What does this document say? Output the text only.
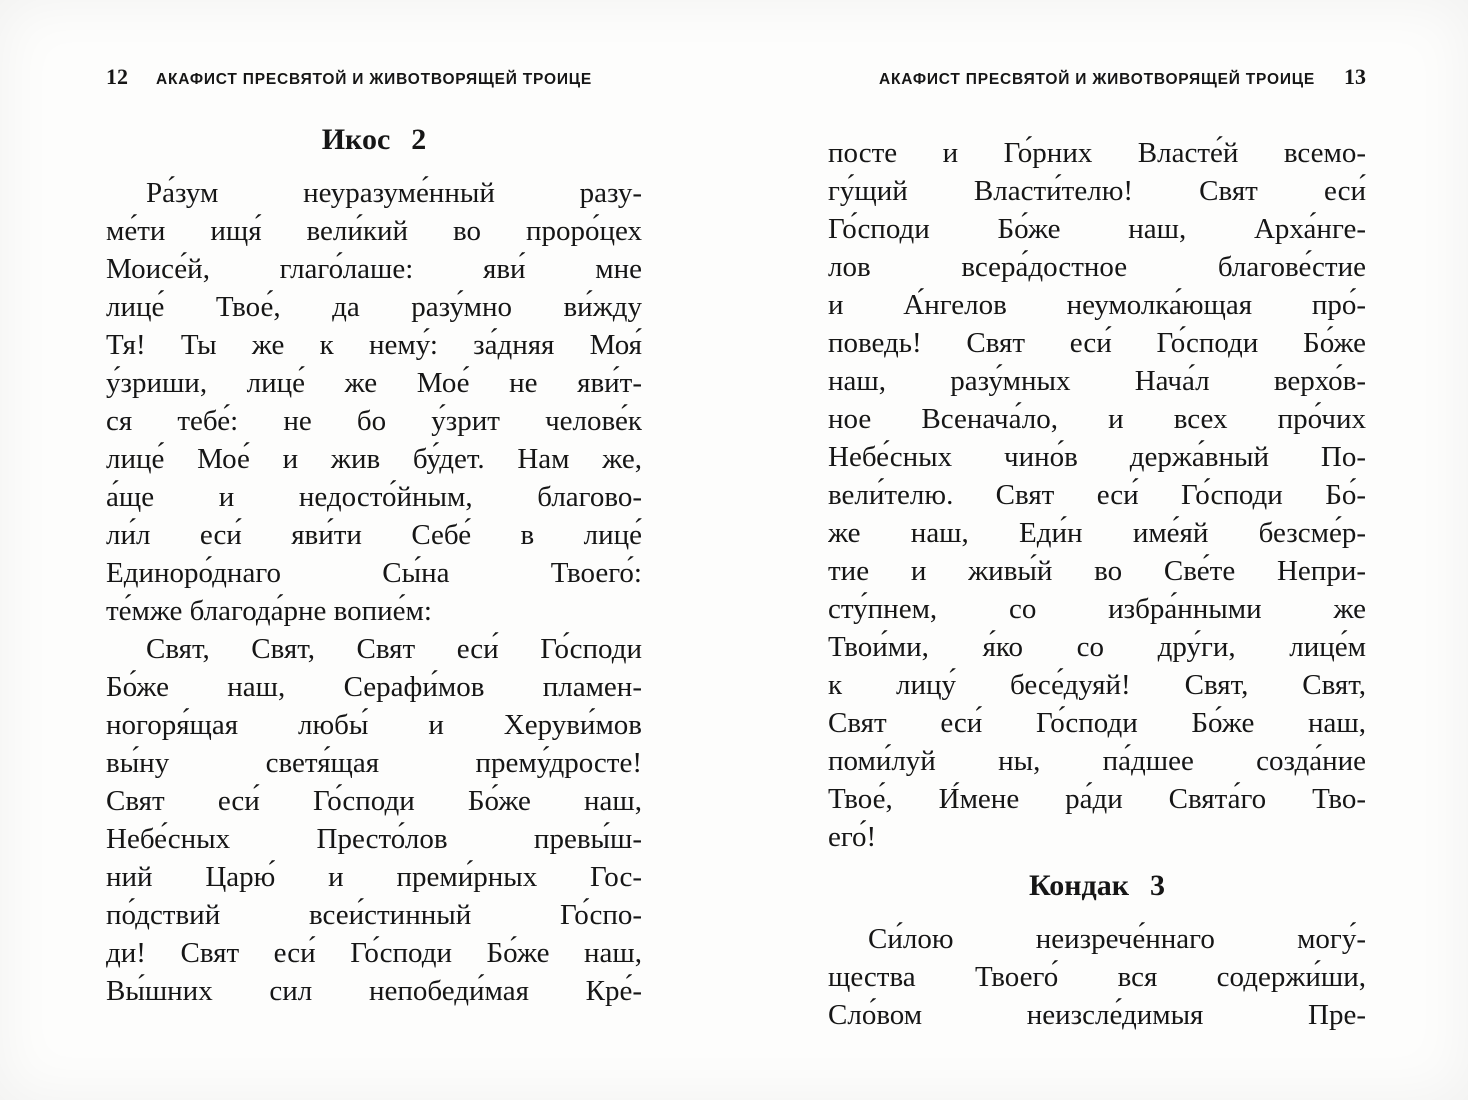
12	АКАФИСТ ПРЕСВЯТОЙ И ЖИВОТВОРЯЩЕЙ ТРОИЦЕ
Икос 2
Ра́зум неуразуме́нный разу-
ме́ти ищя́ вели́кий во проро́цех
Моисе́й, глаго́лаше: яви́ мне
лице́ Твое́, да разу́мно ви́жду
Тя! Ты же к нему́: за́дняя Моя́
у́зриши, лице́ же Мое́ не яви́т-
ся тебе́: не бо у́зрит челове́к
лице́ Мое́ и жив бу́дет. Нам же,
а́ще и недосто́йным, благово-
ли́л еси́ яви́ти Себе́ в лице́
Единоро́днаго Сы́на Твоего́:
те́мже благода́рне вопие́м:
Свят, Свят, Свят еси́ Го́споди
Бо́же наш, Серафи́мов пламен-
ногоря́щая любы́ и Херуви́мов
вы́ну светя́щая прему́дросте!
Свят еси́ Го́споди Бо́же наш,
Небе́сных Престо́лов превы́ш-
ний Царю́ и преми́рных Гос-
по́дствий всеи́стинный Го́спо-
ди! Свят еси́ Го́споди Бо́же наш,
Вы́шних сил непобеди́мая Кре́-
АКАФИСТ ПРЕСВЯТОЙ И ЖИВОТВОРЯЩЕЙ ТРОИЦЕ	13
посте и Го́рних Власте́й всемо-
гу́щий Власти́телю! Свят еси́
Го́споди Бо́же наш, Арха́нге-
лов всера́достное благове́стие
и А́нгелов неумолка́ющая про́-
поведь! Свят еси́ Го́споди Бо́же
наш, разу́мных Нача́л верхо́в-
ное Всенача́ло, и всех про́чих
Небе́сных чино́в держа́вный По-
вели́телю. Свят еси́ Го́споди Бо́-
же наш, Еди́н име́яй безсме́р-
тие и живы́й во Све́те Непри-
сту́пнем, со избра́нными же
Твои́ми, я́ко со дру́ги, лице́м
к лицу́ бесе́дуяй! Свят, Свят,
Свят еси́ Го́споди Бо́же наш,
поми́луй ны, па́дшее созда́ние
Твое́, И́мене ра́ди Свята́го Тво-
его́!
Кондак 3
Си́лою неизрече́ннаго могу́-
щества Твоего́ вся содержи́ши,
Сло́вом неизсле́димыя Пре-
